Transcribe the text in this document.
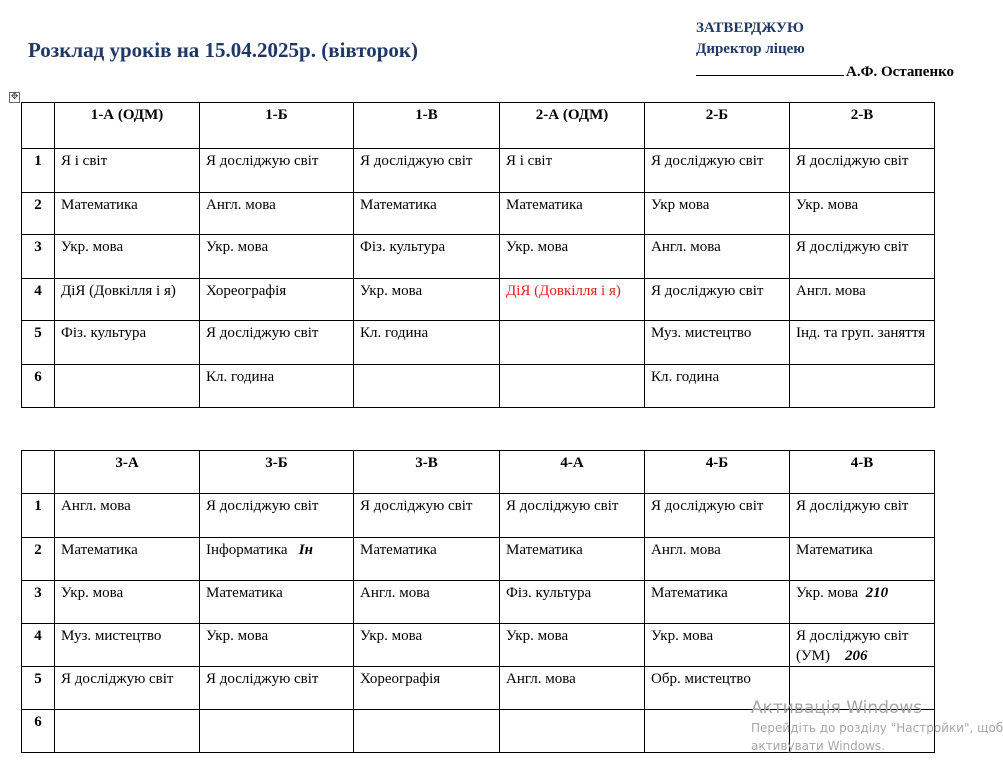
Розклад уроків на 15.04.2025р. (вівторок)
ЗАТВЕРДЖУЮ
Директор ліцею
А.Ф. Остапенко
✥
	1-А (ОДМ)	1-Б	1-В	2-А (ОДМ)	2-Б	2-В
1	Я і світ	Я досліджую світ	Я досліджую світ	Я і світ	Я досліджую світ	Я досліджую світ
2	Математика	Англ. мова	Математика	Математика	Укр мова	Укр. мова
3	Укр. мова	Укр. мова	Фіз. культура	Укр. мова	Англ. мова	Я досліджую світ
4	ДіЯ (Довкілля і я)	Хореографія	Укр. мова	ДіЯ (Довкілля і я)	Я досліджую світ	Англ. мова
5	Фіз. культура	Я досліджую світ	Кл. година		Муз. мистецтво	Інд. та груп. заняття
6		Кл. година			Кл. година	
	3-А	3-Б	3-В	4-А	4-Б	4-В
1	Англ. мова	Я досліджую світ	Я досліджую світ	Я досліджую світ	Я досліджую світ	Я досліджую світ
2	Математика	Інформатика Ін	Математика	Математика	Англ. мова	Математика
3	Укр. мова	Математика	Англ. мова	Фіз. культура	Математика	Укр. мова 210
4	Муз. мистецтво	Укр. мова	Укр. мова	Укр. мова	Укр. мова	Я досліджую світ (УМ) 206
5	Я досліджую світ	Я досліджую світ	Хореографія	Англ. мова	Обр. мистецтво	
6						
Активація Windows
Перейдіть до розділу "Настройки", щоб
активувати Windows.
